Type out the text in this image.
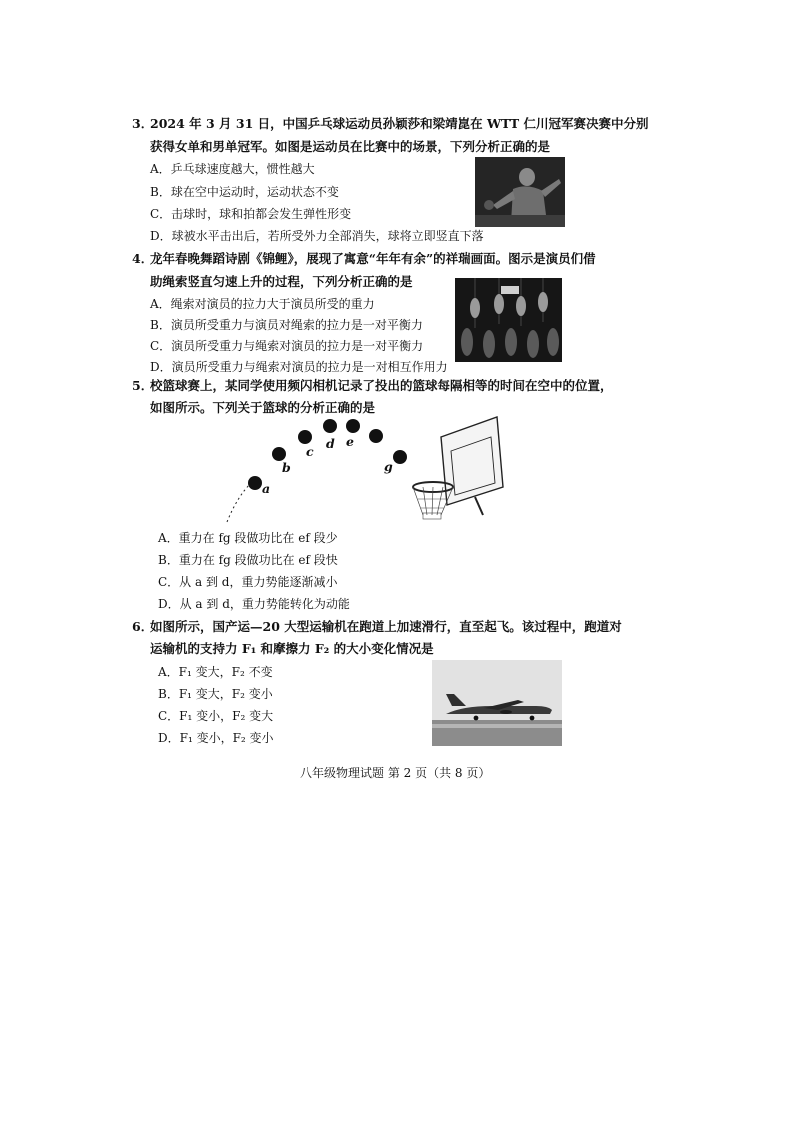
3．
2024 年 3 月 31 日，中国乒乓球运动员孙颖莎和梁靖崑在 WTT 仁川冠军赛决赛中分别
获得女单和男单冠军。如图是运动员在比赛中的场景，下列分析正确的是
A．乒乓球速度越大，惯性越大
B．球在空中运动时，运动状态不变
C．击球时，球和拍都会发生弹性形变
D．球被水平击出后，若所受外力全部消失，球将立即竖直下落
4．
龙年春晚舞蹈诗剧《锦鲤》，展现了寓意“年年有余”的祥瑞画面。图示是演员们借
助绳索竖直匀速上升的过程，下列分析正确的是
A．绳索对演员的拉力大于演员所受的重力
B．演员所受重力与演员对绳索的拉力是一对平衡力
C．演员所受重力与绳索对演员的拉力是一对平衡力
D．演员所受重力与绳索对演员的拉力是一对相互作用力
5．
校篮球赛上，某同学使用频闪相机记录了投出的篮球每隔相等的时间在空中的位置，
如图所示。下列关于篮球的分析正确的是
a
b
c
d e
g
A．重力在 fg 段做功比在 ef 段少
B．重力在 fg 段做功比在 ef 段快
C．从 a 到 d，重力势能逐渐减小
D．从 a 到 d，重力势能转化为动能
6．
如图所示，国产运—20 大型运输机在跑道上加速滑行，直至起飞。该过程中，跑道对
运输机的支持力 F₁ 和摩擦力 F₂ 的大小变化情况是
A．F₁ 变大，F₂ 不变
B．F₁ 变大，F₂ 变小
C．F₁ 变小，F₂ 变大
D．F₁ 变小，F₂ 变小
八年级物理试题 第 2 页（共 8 页）
